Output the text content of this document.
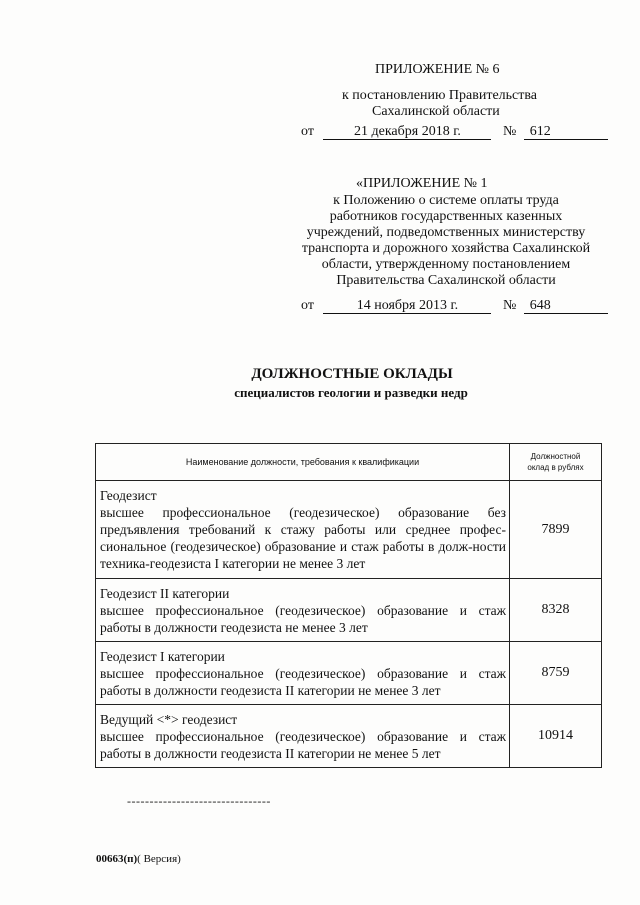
ПРИЛОЖЕНИЕ № 6
к постановлению Правительства
Сахалинской области
от	21 декабря 2018 г.	№ 612
«ПРИЛОЖЕНИЕ № 1
к Положению о системе оплаты труда
работников государственных казенных
учреждений, подведомственных министерству
транспорта и дорожного хозяйства Сахалинской
области, утвержденному постановлением
Правительства Сахалинской области
от	14 ноября 2013 г.	№ 648
ДОЛЖНОСТНЫЕ ОКЛАДЫ
специалистов геологии и разведки недр
Наименование должности, требования к квалификации	Должностной
оклад в рублях

Геодезист
высшее профессиональное (геодезическое) образование без предъявления требований к стажу работы или среднее профес-сиональное (геодезическое) образование и стаж работы в долж-ности техника-геодезиста I категории не менее 3 лет	7899

Геодезист II категории
высшее профессиональное (геодезическое) образование и стаж работы в должности геодезиста не менее 3 лет	8328

Геодезист I категории
высшее профессиональное (геодезическое) образование и стаж работы в должности геодезиста II категории не менее 3 лет	8759

Ведущий <*> геодезист
высшее профессиональное (геодезическое) образование и стаж работы в должности геодезиста II категории не менее 5 лет	10914
--------------------------------
00663(п)( Версия)
